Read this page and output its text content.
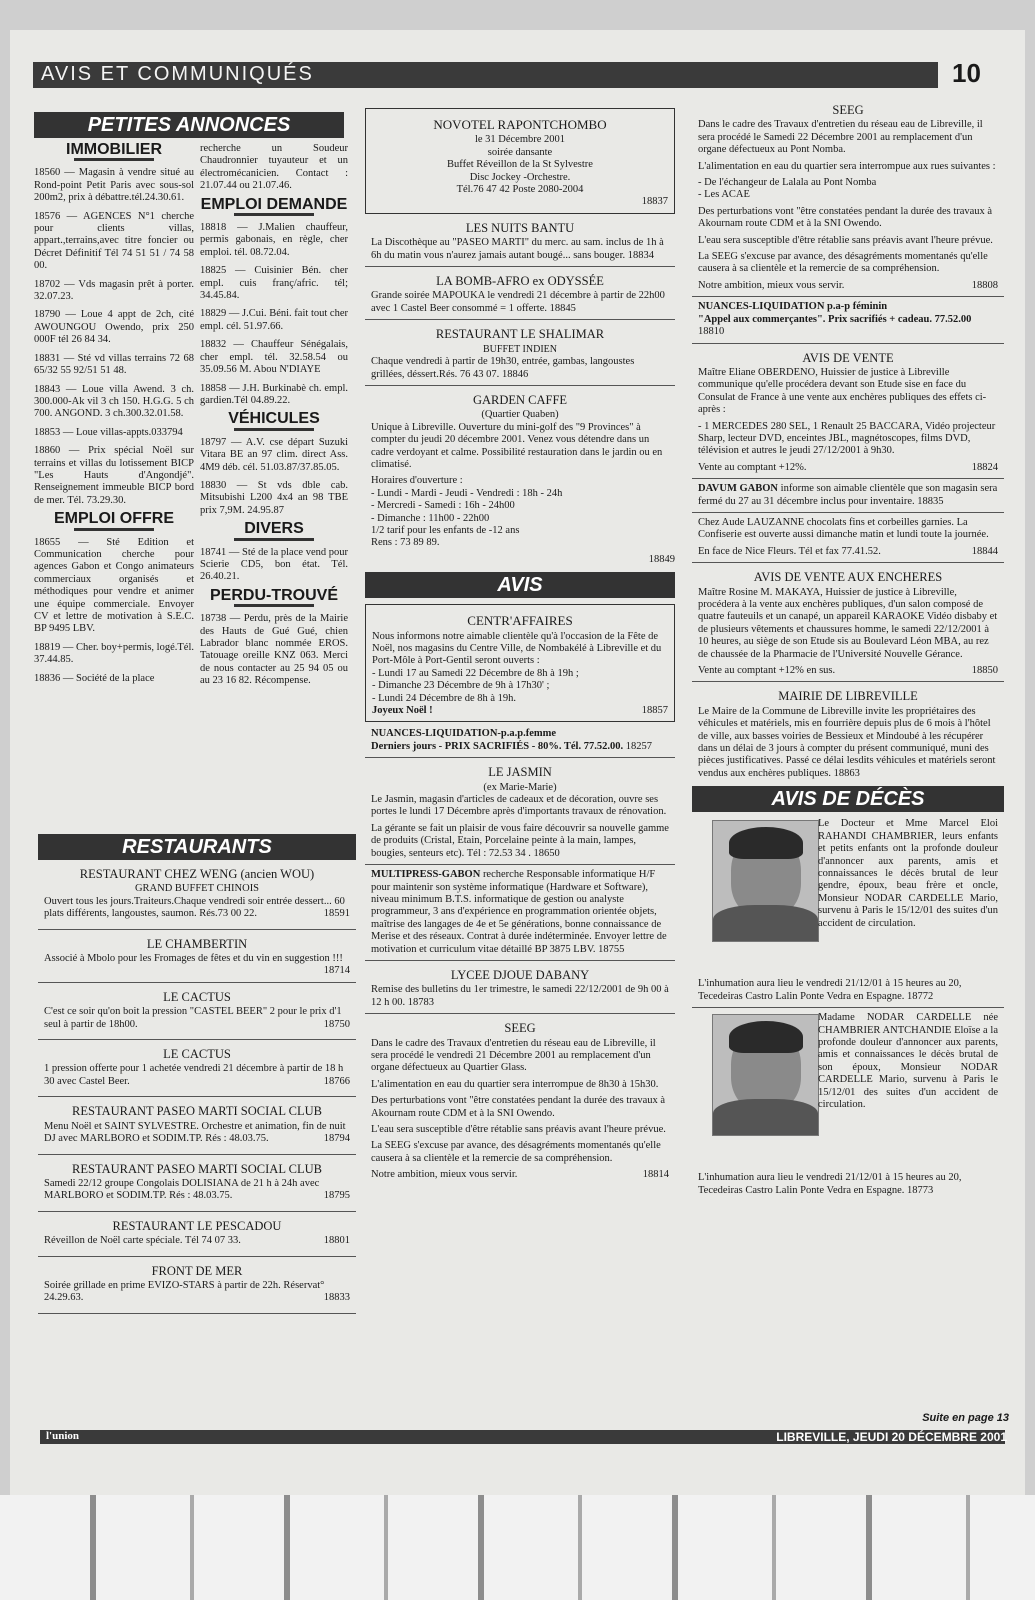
AVIS ET COMMUNIQUÉS	10
PETITES ANNONCES
IMMOBILIER
18560 — Magasin à vendre situé au Rond-point Petit Paris avec sous-sol 200m2, prix à débattre.tél.24.30.61.
18576 — AGENCES N°1 cherche pour clients villas, appart.,terrains,avec titre foncier ou Décret Définitif Tél 74 51 51 / 74 58 00.
18702 — Vds magasin prêt à porter. 32.07.23.
18790 — Loue 4 appt de 2ch, cité AWOUNGOU Owendo, prix 250 000F tél 26 84 34.
18831 — Sté vd villas terrains 72 68 65/32 55 92/51 51 48.
18843 — Loue villa Awend. 3 ch. 300.000-Ak vil 3 ch 150. H.G.G. 5 ch 700. ANGOND. 3 ch.300.32.01.58.
18853 — Loue villas-appts.033794
18860 — Prix spécial Noël sur terrains et villas du lotissement BICP "Les Hauts d'Angondjé". Renseignement immeuble BICP bord de mer. Tél. 73.29.30.
EMPLOI OFFRE
18655 — Sté Edition et Communication cherche pour agences Gabon et Congo animateurs commerciaux organisés et méthodiques pour vendre et animer une équipe commerciale. Envoyer CV et lettre de motivation à S.E.C. BP 9495 LBV.
18819 — Cher. boy+permis, logé.Tél. 37.44.85.
18836 — Société de la place
recherche un Soudeur Chaudronnier tuyauteur et un électromécanicien. Contact : 21.07.44 ou 21.07.46.
EMPLOI DEMANDE
18818 — J.Malien chauffeur, permis gabonais, en règle, cher emploi. tél. 08.72.04.
18825 — Cuisinier Bén. cher empl. cuis franç/afric. tél; 34.45.84.
18829 — J.Cui. Béni. fait tout cher empl. cél. 51.97.66.
18832 — Chauffeur Sénégalais, cher empl. tél. 32.58.54 ou 35.09.56 M. Abou N'DIAYE
18858 — J.H. Burkinabè ch. empl. gardien.Tél 04.89.22.
VÉHICULES
18797 — A.V. cse départ Suzuki Vitara BE an 97 clim. direct Ass. 4M9 déb. cél. 51.03.87/37.85.05.
18830 — St vds dble cab. Mitsubishi L200 4x4 an 98 TBE prix 7,9M. 24.95.87
DIVERS
18741 — Sté de la place vend pour Scierie CD5, bon état. Tél. 26.40.21.
PERDU-TROUVÉ
18738 — Perdu, près de la Mairie des Hauts de Gué Gué, chien Labrador blanc nommée EROS. Tatouage oreille KNZ 063. Merci de nous contacter au 25 94 05 ou au 23 16 82. Récompense.
RESTAURANTS
RESTAURANT CHEZ WENG (ancien WOU)
GRAND BUFFET CHINOIS
Ouvert tous les jours.Traiteurs.Chaque vendredi soir entrée dessert... 60 plats différents, langoustes, saumon. Rés.73 00 22.	18591
LE CHAMBERTIN
Associé à Mbolo pour les Fromages de fêtes et du vin en suggestion !!!
18714
LE CACTUS
C'est ce soir qu'on boit la pression "CASTEL BEER" 2 pour le prix d'1 seul à partir de 18h00.	18750
LE CACTUS
1 pression offerte pour 1 achetée vendredi 21 décembre à partir de 18 h 30 avec Castel Beer.	18766
RESTAURANT PASEO MARTI SOCIAL CLUB
Menu Noël et SAINT SYLVESTRE. Orchestre et animation, fin de nuit DJ avec MARLBORO et SODIM.TP. Rés : 48.03.75.	18794
RESTAURANT PASEO MARTI SOCIAL CLUB
Samedi 22/12 groupe Congolais DOLISIANA de 21 h à 24h avec MARLBORO et SODIM.TP. Rés : 48.03.75.	18795
RESTAURANT LE PESCADOU
Réveillon de Noël carte spéciale. Tél 74 07 33.	18801
FRONT DE MER
Soirée grillade en prime EVIZO-STARS à partir de 22h. Réservat° 24.29.63.	18833
NOVOTEL RAPONTCHOMBO
le 31 Décembre 2001
soirée dansante
Buffet Réveillon de la St Sylvestre
Disc Jockey -Orchestre.
Tél.76 47 42 Poste 2080-2004
18837
LES NUITS BANTU
La Discothèque au "PASEO MARTI" du merc. au sam. inclus de 1h à 6h du matin vous n'aurez jamais autant bougé... sans bouger. 18834
LA BOMB-AFRO ex ODYSSÉE
Grande soirée MAPOUKA le vendredi 21 décembre à partir de 22h00 avec 1 Castel Beer consommé = 1 offerte. 18845
RESTAURANT LE SHALIMAR
BUFFET INDIEN
Chaque vendredi à partir de 19h30, entrée, gambas, langoustes grillées, déssert.Rés. 76 43 07. 18846
GARDEN CAFFE
(Quartier Quaben)
Unique à Libreville. Ouverture du mini-golf des "9 Provinces" à compter du jeudi 20 décembre 2001. Venez vous détendre dans un cadre verdoyant et calme. Possibilité restauration dans le jardin ou en climatisé.
Horaires d'ouverture :
- Lundi - Mardi - Jeudi - Vendredi : 18h - 24h
- Mercredi - Samedi : 16h - 24h00
- Dimanche : 11h00 - 22h00
1/2 tarif pour les enfants de -12 ans
Rens : 73 89 89.
18849
AVIS
CENTR'AFFAIRES
Nous informons notre aimable clientèle qu'à l'occasion de la Fête de Noël, nos magasins du Centre Ville, de Nombakélé à Libreville et du Port-Môle à Port-Gentil seront ouverts :
- Lundi 17 au Samedi 22 Décembre de 8h à 19h ;
- Dimanche 23 Décembre de 9h à 17h30' ;
- Lundi 24 Décembre de 8h à 19h.
Joyeux Noël !	18857
NUANCES-LIQUIDATION-p.a.p.femme
Derniers jours - PRIX SACRIFIÉS - 80%. Tél. 77.52.00. 18257
LE JASMIN
(ex Marie-Marie)
Le Jasmin, magasin d'articles de cadeaux et de décoration, ouvre ses portes le lundi 17 Décembre après d'importants travaux de rénovation.
La gérante se fait un plaisir de vous faire découvrir sa nouvelle gamme de produits (Cristal, Etain, Porcelaine peinte à la main, lampes, bougies, senteurs etc). Tél : 72.53 34 . 18650
MULTIPRESS-GABON recherche Responsable informatique H/F pour maintenir son système informatique (Hardware et Software), niveau minimum B.T.S. informatique de gestion ou analyste programmeur, 3 ans d'expérience en programmation orientée objets, maîtrise des langages de 4e et 5e générations, bonne connaissance de Merise et des réseaux. Contrat à durée indéterminée. Envoyer lettre de motivation et curriculum vitae détaillé BP 3875 LBV. 18755
LYCEE DJOUE DABANY
Remise des bulletins du 1er trimestre, le samedi 22/12/2001 de 9h 00 à 12 h 00. 18783
SEEG
Dans le cadre des Travaux d'entretien du réseau eau de Libreville, il sera procédé le vendredi 21 Décembre 2001 au remplacement d'un organe défectueux au Quartier Glass.
L'alimentation en eau du quartier sera interrompue de 8h30 à 15h30.
Des perturbations vont "être constatées pendant la durée des travaux à Akournam route CDM et à la SNI Owendo.
L'eau sera susceptible d'être rétablie sans préavis avant l'heure prévue.
La SEEG s'excuse par avance, des désagréments momentanés qu'elle causera à sa clientèle et la remercie de sa compréhension.
Notre ambition, mieux vous servir.	18814
SEEG
Dans le cadre des Travaux d'entretien du réseau eau de Libreville, il sera procédé le Samedi 22 Décembre 2001 au remplacement d'un organe défectueux au Pont Nomba.
L'alimentation en eau du quartier sera interrompue aux rues suivantes :
- De l'échangeur de Lalala au Pont Nomba
- Les ACAE
Des perturbations vont "être constatées pendant la durée des travaux à Akournam route CDM et à la SNI Owendo.
L'eau sera susceptible d'être rétablie sans préavis avant l'heure prévue.
La SEEG s'excuse par avance, des désagréments momentanés qu'elle causera à sa clientèle et la remercie de sa compréhension.
Notre ambition, mieux vous servir.	18808
NUANCES-LIQUIDATION p.a-p féminin
"Appel aux commerçantes". Prix sacrifiés + cadeau. 77.52.00 18810
AVIS DE VENTE
Maître Eliane OBERDENO, Huissier de justice à Libreville communique qu'elle procédera devant son Etude sise en face du Consulat de France à une vente aux enchères publiques des effets ci-après :
- 1 MERCEDES 280 SEL, 1 Renault 25 BACCARA, Vidéo projecteur Sharp, lecteur DVD, enceintes JBL, magnétoscopes, films DVD, télévision et autres le jeudi 27/12/2001 à 9h30.
Vente au comptant +12%.	18824
DAVUM GABON informe son aimable clientèle que son magasin sera fermé du 27 au 31 décembre inclus pour inventaire. 18835
Chez Aude LAUZANNE chocolats fins et corbeilles garnies. La Confiserie est ouverte aussi dimanche matin et lundi toute la journée.
En face de Nice Fleurs. Tél et fax 77.41.52.	18844
AVIS DE VENTE AUX ENCHERES
Maître Rosine M. MAKAYA, Huissier de justice à Libreville, procédera à la vente aux enchères publiques, d'un salon composé de quatre fauteuils et un canapé, un appareil KARAOKE Vidéo disbaby et de plusieurs vêtements et chaussures homme, le samedi 22/12/2001 à 10 heures, au siège de son Etude sis au Boulevard Léon MBA, au rez de chaussée de la Pharmacie de l'Université Nouvelle Gérance.
Vente au comptant +12% en sus.	18850
MAIRIE DE LIBREVILLE
Le Maire de la Commune de Libreville invite les propriétaires des véhicules et matériels, mis en fourrière depuis plus de 6 mois à l'hôtel de ville, aux basses voiries de Bessieux et Mindoubé à les récupérer dans un délai de 3 jours à compter du présent communiqué, muni des pièces justificatives. Passé ce délai lesdits véhicules et matériels seront vendus aux enchères publiques. 18863
AVIS DE DÉCÈS
Le Docteur et Mme Marcel Eloi RAHANDI CHAMBRIER, leurs enfants et petits enfants ont la profonde douleur d'annoncer aux parents, amis et connaissances le décès brutal de leur gendre, époux, beau frère et oncle, Monsieur NODAR CARDELLE Mario, survenu à Paris le 15/12/01 des suites d'un accident de circulation.
L'inhumation aura lieu le vendredi 21/12/01 à 15 heures au 20, Tecedeiras Castro Lalin Ponte Vedra en Espagne. 18772
Madame NODAR CARDELLE née CHAMBRIER ANTCHANDIE Eloïse a la profonde douleur d'annoncer aux parents, amis et connaissances le décès brutal de son époux, Monsieur NODAR CARDELLE Mario, survenu à Paris le 15/12/01 des suites d'un accident de circulation.
L'inhumation aura lieu le vendredi 21/12/01 à 15 heures au 20, Tecedeiras Castro Lalin Ponte Vedra en Espagne. 18773
Suite en page 13
l'union	LIBREVILLE, JEUDI 20 DÉCEMBRE 2001
